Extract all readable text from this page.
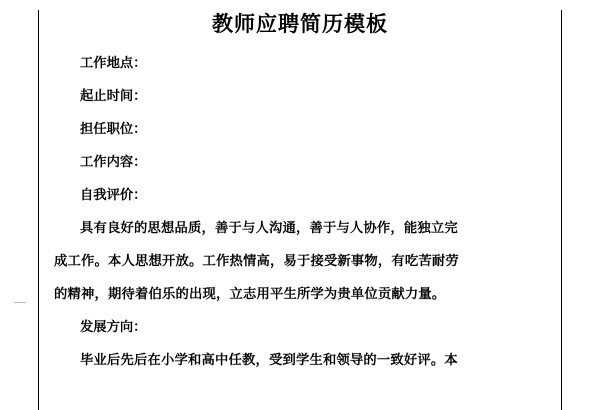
教师应聘简历模板

工作地点：

起止时间：

担任职位：

工作内容：

自我评价：

具有良好的思想品质，善于与人沟通，善于与人协作，能独立完

成工作。本人思想开放。工作热情高，易于接受新事物，有吃苦耐劳

的精神，期待着伯乐的出现，立志用平生所学为贵单位贡献力量。

发展方向：

毕业后先后在小学和高中任教，受到学生和领导的一致好评。本
